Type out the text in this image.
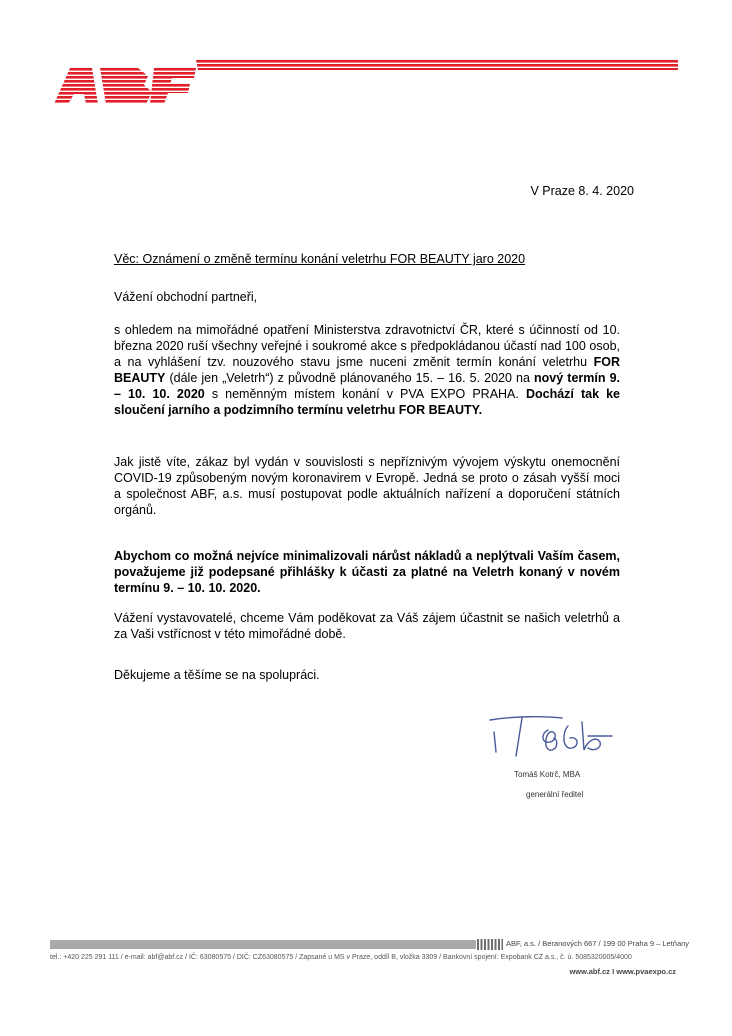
ABF
V Praze 8. 4. 2020
Věc: Oznámení o změně termínu konání veletrhu FOR BEAUTY jaro 2020
Vážení obchodní partneři,

s ohledem na mimořádné opatření Ministerstva zdravotnictví ČR, které s účinností od 10. března 2020 ruší všechny veřejné i soukromé akce s předpokládanou účastí nad 100 osob, a na vyhlášení tzv. nouzového stavu jsme nuceni změnit termín konání veletrhu FOR BEAUTY (dále jen „Veletrh“) z původně plánovaného 15. – 16. 5. 2020 na nový termín 9. – 10. 10. 2020 s neměnným místem konání v PVA EXPO PRAHA. Dochází tak ke sloučení jarního a podzimního termínu veletrhu FOR BEAUTY.

Jak jistě víte, zákaz byl vydán v souvislosti s nepříznivým vývojem výskytu onemocnění COVID-19 způsobeným novým koronavirem v Evropě. Jedná se proto o zásah vyšší moci a společnost ABF, a.s. musí postupovat podle aktuálních nařízení a doporučení státních orgánů.

Abychom co možná nejvíce minimalizovali nárůst nákladů a neplýtvali Vaším časem, považujeme již podepsané přihlášky k účasti za platné na Veletrh konaný v novém termínu 9. – 10. 10. 2020.

Vážení vystavovatelé, chceme Vám poděkovat za Váš zájem účastnit se našich veletrhů a za Vaši vstřícnost v této mimořádné době.

Děkujeme a těšíme se na spolupráci.
Tomáš Kotrč, MBA
generální ředitel
ABF, a.s. / Beranových 667 / 199 00 Praha 9 – Letňany
tel.: +420 225 291 111 / e-mail: abf@abf.cz / IČ: 63080575 / DIČ: CZ63080575 / Zapsané u MS v Praze, oddíl B, vložka 3309 / Bankovní spojení: Expobank CZ a.s., č. ú. 5085320005/4000
www.abf.cz I www.pvaexpo.cz
